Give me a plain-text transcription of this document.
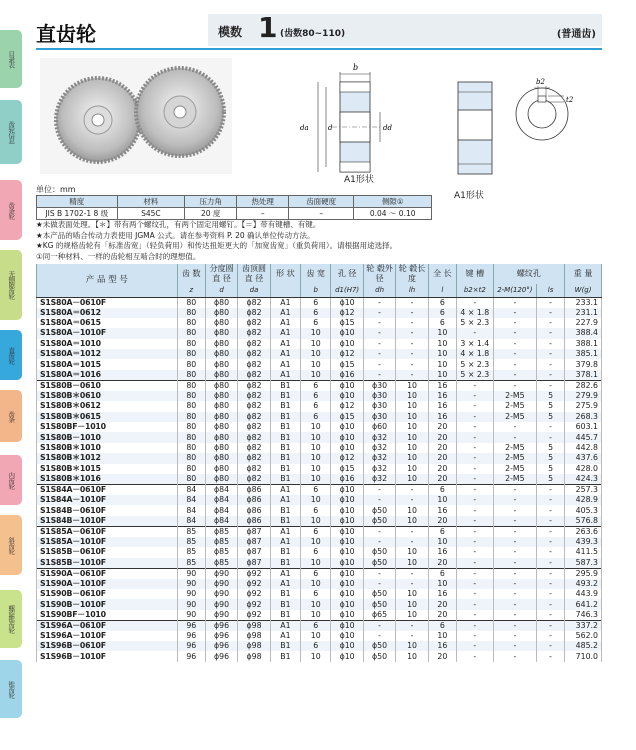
目录表
齿轮信息
齿条轮
无侧隙齿轮
直齿轮
齿条
内齿轮
斜齿轮
螺旋锥齿轮
锥齿轮
直齿轮	模数 1 (齿数80~110)	(普通齿)
b
da	d	dd
A1形状
A1形状
b2
t2
单位：mm
精度	材料	压力角	热处理	齿面硬度	侧隙①
JIS B 1702-1 8 级	S45C	20 度	–	–	0.04 ～ 0.10
★未做表面处理。【＊】带有两个螺纹孔，有两个固定用螺钉。【＝】带有键槽、有键。
★本产品的啮合传动力表使用 JGMA 公式。请在参考资料 P. 20 确认单位传动方法。
★KG 的规格齿轮有「标准齿宽」（轻负荷用）和传达扭矩更大的「加宽齿宽」（重负荷用）。请根据用途选择。
①同一种材料、一样的齿轮相互啮合时的理想值。
产 品 型 号	齿 数	分度圆直 径	齿顶圆直 径	形 状	齿 宽	孔 径	轮 毂外 径	轮 毂长 度	全 长	键 槽	螺纹孔		重 量
	z	d	da		b	d1(H7)	dh	lh	l	b2×t2	2-M(120°)	ls	W(g)
S1S80A－0610F	80	ϕ80	ϕ82	A1	6	ϕ10	-	-	6	-	-	-	233.1
S1S80A＝0612	80	ϕ80	ϕ82	A1	6	ϕ12	-	-	6	4 × 1.8	-	-	231.1
S1S80A＝0615	80	ϕ80	ϕ82	A1	6	ϕ15	-	-	6	5 × 2.3	-	-	227.9
S1S80A－1010F	80	ϕ80	ϕ82	A1	10	ϕ10	-	-	10	-	-	-	388.4
S1S80A＝1010	80	ϕ80	ϕ82	A1	10	ϕ10	-	-	10	3 × 1.4	-	-	388.1
S1S80A＝1012	80	ϕ80	ϕ82	A1	10	ϕ12	-	-	10	4 × 1.8	-	-	385.1
S1S80A＝1015	80	ϕ80	ϕ82	A1	10	ϕ15	-	-	10	5 × 2.3	-	-	379.8
S1S80A＝1016	80	ϕ80	ϕ82	A1	10	ϕ16	-	-	10	5 × 2.3	-	-	378.1
S1S80B－0610	80	ϕ80	ϕ82	B1	6	ϕ10	ϕ30	10	16	-	-	-	282.6
S1S80B＊0610	80	ϕ80	ϕ82	B1	6	ϕ10	ϕ30	10	16	-	2-M5	5	279.9
S1S80B＊0612	80	ϕ80	ϕ82	B1	6	ϕ12	ϕ30	10	16	-	2-M5	5	275.9
S1S80B＊0615	80	ϕ80	ϕ82	B1	6	ϕ15	ϕ30	10	16	-	2-M5	5	268.3
S1S80BF－1010	80	ϕ80	ϕ82	B1	10	ϕ10	ϕ60	10	20	-	-	-	603.1
S1S80B－1010	80	ϕ80	ϕ82	B1	10	ϕ10	ϕ32	10	20	-	-	-	445.7
S1S80B＊1010	80	ϕ80	ϕ82	B1	10	ϕ10	ϕ32	10	20	-	2-M5	5	442.8
S1S80B＊1012	80	ϕ80	ϕ82	B1	10	ϕ12	ϕ32	10	20	-	2-M5	5	437.6
S1S80B＊1015	80	ϕ80	ϕ82	B1	10	ϕ15	ϕ32	10	20	-	2-M5	5	428.0
S1S80B＊1016	80	ϕ80	ϕ82	B1	10	ϕ16	ϕ32	10	20	-	2-M5	5	424.3
S1S84A－0610F	84	ϕ84	ϕ86	A1	6	ϕ10	-	-	6	-	-	-	257.3
S1S84A－1010F	84	ϕ84	ϕ86	A1	10	ϕ10	-	-	10	-	-	-	428.9
S1S84B－0610F	84	ϕ84	ϕ86	B1	6	ϕ10	ϕ50	10	16	-	-	-	405.3
S1S84B－1010F	84	ϕ84	ϕ86	B1	10	ϕ10	ϕ50	10	20	-	-	-	576.8
S1S85A－0610F	85	ϕ85	ϕ87	A1	6	ϕ10	-	-	6	-	-	-	263.6
S1S85A－1010F	85	ϕ85	ϕ87	A1	10	ϕ10	-	-	10	-	-	-	439.3
S1S85B－0610F	85	ϕ85	ϕ87	B1	6	ϕ10	ϕ50	10	16	-	-	-	411.5
S1S85B－1010F	85	ϕ85	ϕ87	B1	10	ϕ10	ϕ50	10	20	-	-	-	587.3
S1S90A－0610F	90	ϕ90	ϕ92	A1	6	ϕ10	-	-	6	-	-	-	295.9
S1S90A－1010F	90	ϕ90	ϕ92	A1	10	ϕ10	-	-	10	-	-	-	493.2
S1S90B－0610F	90	ϕ90	ϕ92	B1	6	ϕ10	ϕ50	10	16	-	-	-	443.9
S1S90B－1010F	90	ϕ90	ϕ92	B1	10	ϕ10	ϕ50	10	20	-	-	-	641.2
S1S90BF－1010	90	ϕ90	ϕ92	B1	10	ϕ10	ϕ65	10	20	-	-	-	746.3
S1S96A－0610F	96	ϕ96	ϕ98	A1	6	ϕ10	-	-	6	-	-	-	337.2
S1S96A－1010F	96	ϕ96	ϕ98	A1	10	ϕ10	-	-	10	-	-	-	562.0
S1S96B－0610F	96	ϕ96	ϕ98	B1	6	ϕ10	ϕ50	10	16	-	-	-	485.2
S1S96B－1010F	96	ϕ96	ϕ98	B1	10	ϕ10	ϕ50	10	20	-	-	-	710.0
